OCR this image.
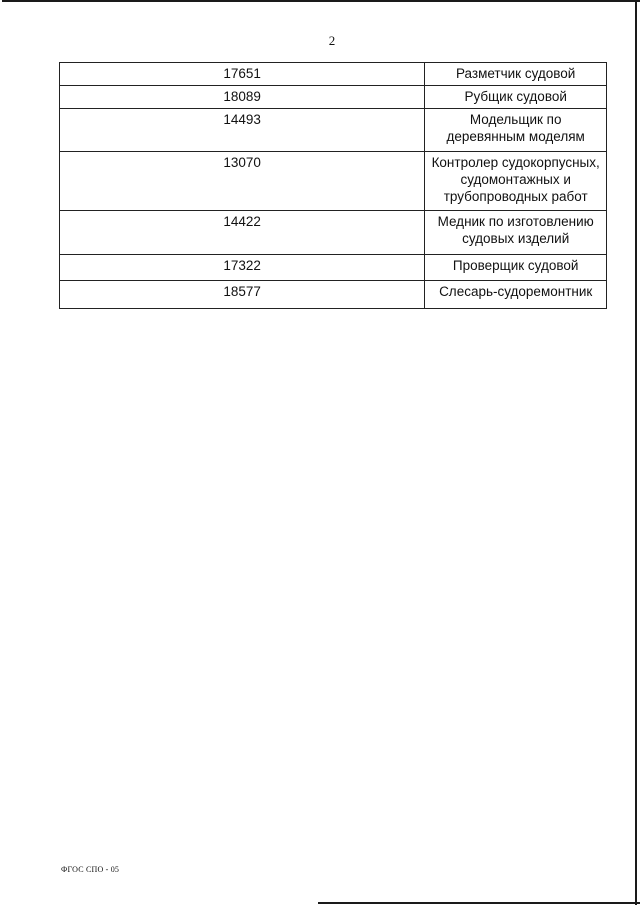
2
17651	Разметчик судовой
18089	Рубщик судовой
14493	Модельщик по деревянным моделям
13070	Контролер судокорпусных, судомонтажных и трубопроводных работ
14422	Медник по изготовлению судовых изделий
17322	Проверщик судовой
18577	Слесарь-судоремонтник
ФГОС СПО - 05
